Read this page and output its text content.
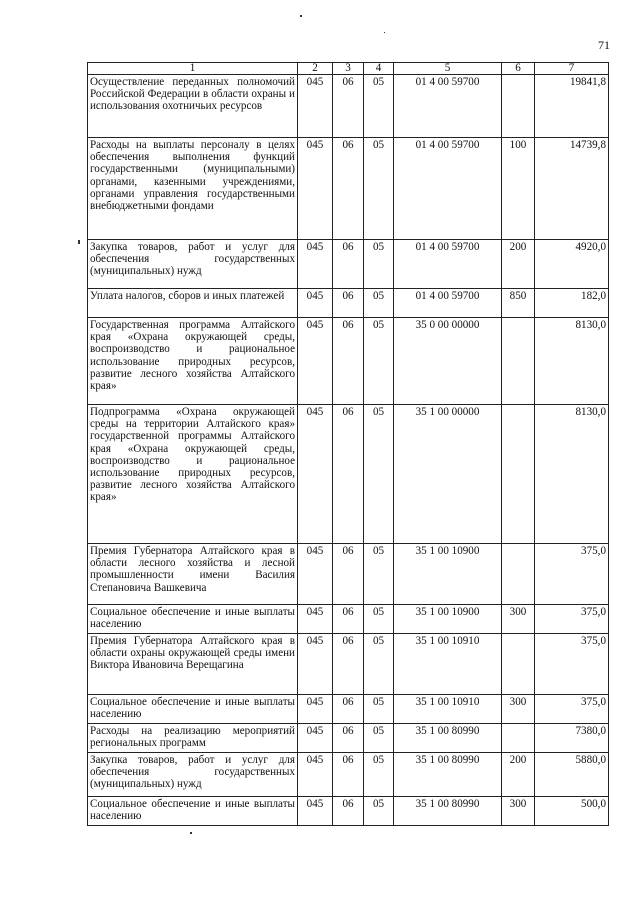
71
1	2	3	4	5	6	7
Осуществление переданных полномочий Российской Федерации в области охраны и использования охотничьих ресурсов	045	06	05	01 4 00 59700		19841,8
Расходы на выплаты персоналу в целях обеспечения выполнения функций государственными (муниципальными) органами, казенными учреждениями, органами управления государственными внебюджетными фондами	045	06	05	01 4 00 59700	100	14739,8
Закупка товаров, работ и услуг для обеспечения государственных (муниципальных) нужд	045	06	05	01 4 00 59700	200	4920,0
Уплата налогов, сборов и иных платежей	045	06	05	01 4 00 59700	850	182,0
Государственная программа Алтайского края «Охрана окружающей среды, воспроизводство и рациональное использование природных ресурсов, развитие лесного хозяйства Алтайского края»	045	06	05	35 0 00 00000		8130,0
Подпрограмма «Охрана окружающей среды на территории Алтайского края» государственной программы Алтайского края «Охрана окружающей среды, воспроизводство и рациональное использование природных ресурсов, развитие лесного хозяйства Алтайского края»	045	06	05	35 1 00 00000		8130,0
Премия Губернатора Алтайского края в области лесного хозяйства и лесной промышленности имени Василия Степановича Вашкевича	045	06	05	35 1 00 10900		375,0
Социальное обеспечение и иные выплаты населению	045	06	05	35 1 00 10900	300	375,0
Премия Губернатора Алтайского края в области охраны окружающей среды имени Виктора Ивановича Верещагина	045	06	05	35 1 00 10910		375,0
Социальное обеспечение и иные выплаты населению	045	06	05	35 1 00 10910	300	375,0
Расходы на реализацию мероприятий региональных программ	045	06	05	35 1 00 80990		7380,0
Закупка товаров, работ и услуг для обеспечения государственных (муниципальных) нужд	045	06	05	35 1 00 80990	200	5880,0
Социальное обеспечение и иные выплаты населению	045	06	05	35 1 00 80990	300	500,0
